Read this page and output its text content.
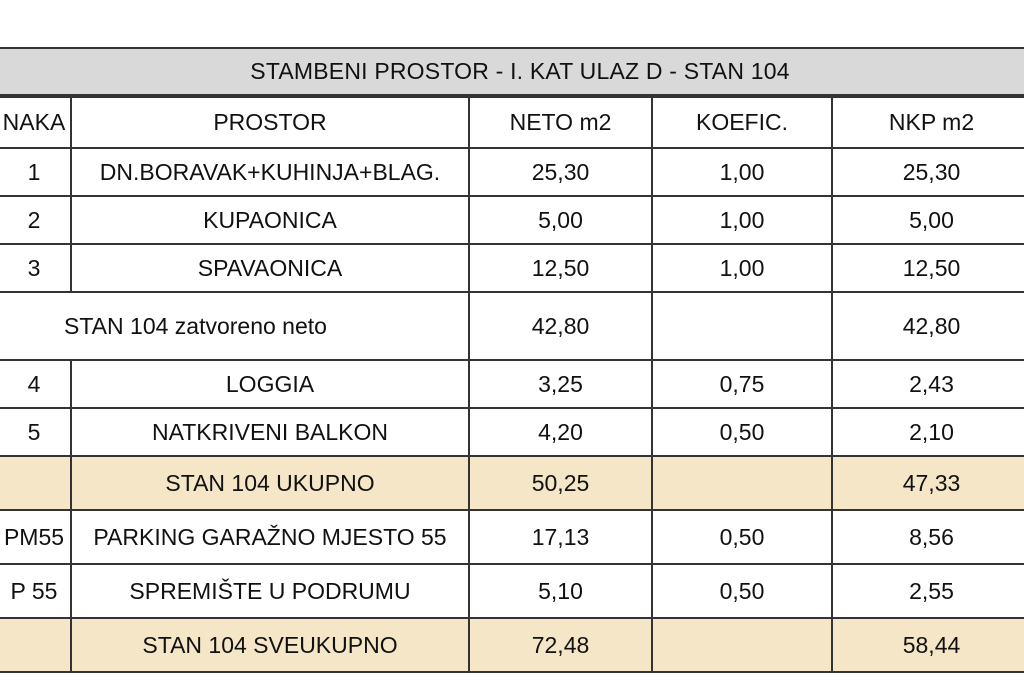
STAMBENI PROSTOR - I. KAT ULAZ D - STAN 104
NAKA	PROSTOR	NETO m2	KOEFIC.	NKP m2
1	DN.BORAVAK+KUHINJA+BLAG.	25,30	1,00	25,30
2	KUPAONICA	5,00	1,00	5,00
3	SPAVAONICA	12,50	1,00	12,50
STAN 104 zatvoreno neto		42,80		42,80
4	LOGGIA	3,25	0,75	2,43
5	NATKRIVENI BALKON	4,20	0,50	2,10
	STAN 104 UKUPNO	50,25		47,33
PM55	PARKING GARAŽNO MJESTO 55	17,13	0,50	8,56
P 55	SPREMIŠTE U PODRUMU	5,10	0,50	2,55
	STAN 104 SVEUKUPNO	72,48		58,44
